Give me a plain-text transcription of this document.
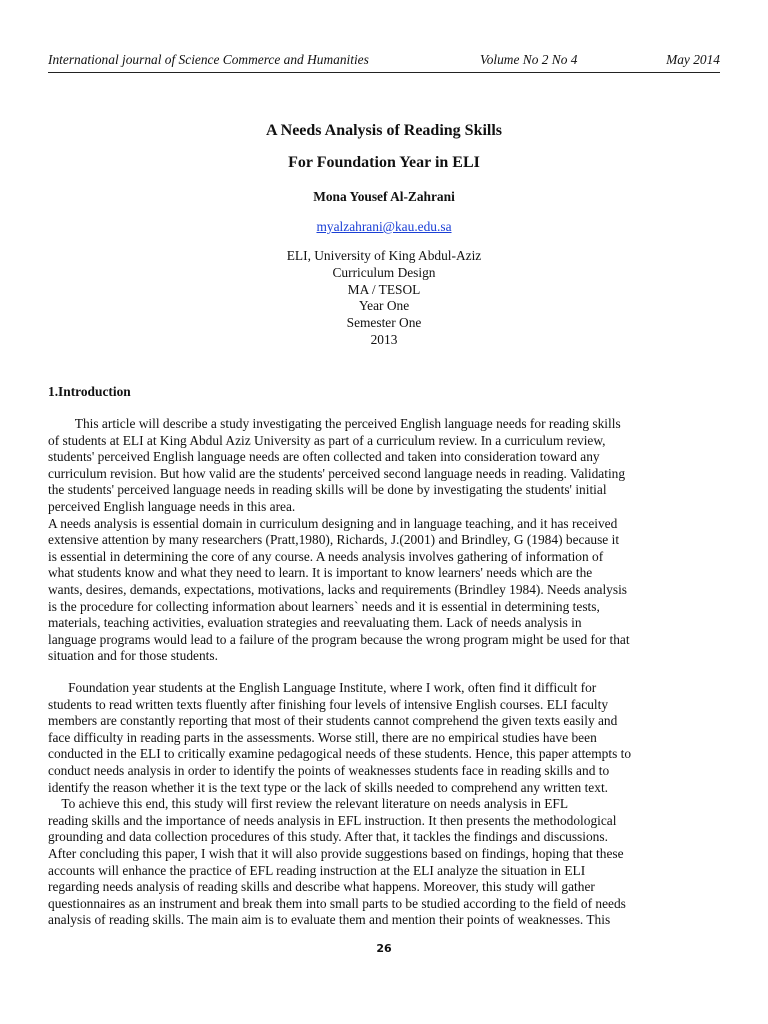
International journal of Science Commerce and Humanities	Volume No 2 No 4	May 2014
A Needs Analysis of Reading Skills
For Foundation Year in ELI
Mona Yousef Al-Zahrani
myalzahrani@kau.edu.sa
ELI, University of King Abdul-Aziz
Curriculum Design
MA / TESOL
Year One
Semester One
2013
1.Introduction
This article will describe a study investigating the perceived English language needs for reading skills
of students at ELI at King Abdul Aziz University as part of a curriculum review. In a curriculum review,
students' perceived English language needs are often collected and taken into consideration toward any
curriculum revision. But how valid are the students' perceived second language needs in reading. Validating
the students' perceived language needs in reading skills will be done by investigating the students' initial
perceived English language needs in this area.
A needs analysis is essential domain in curriculum designing and in language teaching, and it has received
extensive attention by many researchers (Pratt,1980), Richards, J.(2001) and Brindley, G (1984) because it
is essential in determining the core of any course. A needs analysis involves gathering of information of
what students know and what they need to learn. It is important to know learners' needs which are the
wants, desires, demands, expectations, motivations, lacks and requirements (Brindley 1984). Needs analysis
is the procedure for collecting information about learners` needs and it is essential in determining tests,
materials, teaching activities, evaluation strategies and reevaluating them. Lack of needs analysis in
language programs would lead to a failure of the program because the wrong program might be used for that
situation and for those students.
Foundation year students at the English Language Institute, where I work, often find it difficult for
students to read written texts fluently after finishing four levels of intensive English courses. ELI faculty
members are constantly reporting that most of their students cannot comprehend the given texts easily and
face difficulty in reading parts in the assessments. Worse still, there are no empirical studies have been
conducted in the ELI to critically examine pedagogical needs of these students. Hence, this paper attempts to
conduct needs analysis in order to identify the points of weaknesses students face in reading skills and to
identify the reason whether it is the text type or the lack of skills needed to comprehend any written text.
To achieve this end, this study will first review the relevant literature on needs analysis in EFL
reading skills and the importance of needs analysis in EFL instruction. It then presents the methodological
grounding and data collection procedures of this study. After that, it tackles the findings and discussions.
After concluding this paper, I wish that it will also provide suggestions based on findings, hoping that these
accounts will enhance the practice of EFL reading instruction at the ELI analyze the situation in ELI
regarding needs analysis of reading skills and describe what happens. Moreover, this study will gather
questionnaires as an instrument and break them into small parts to be studied according to the field of needs
analysis of reading skills. The main aim is to evaluate them and mention their points of weaknesses. This
26
